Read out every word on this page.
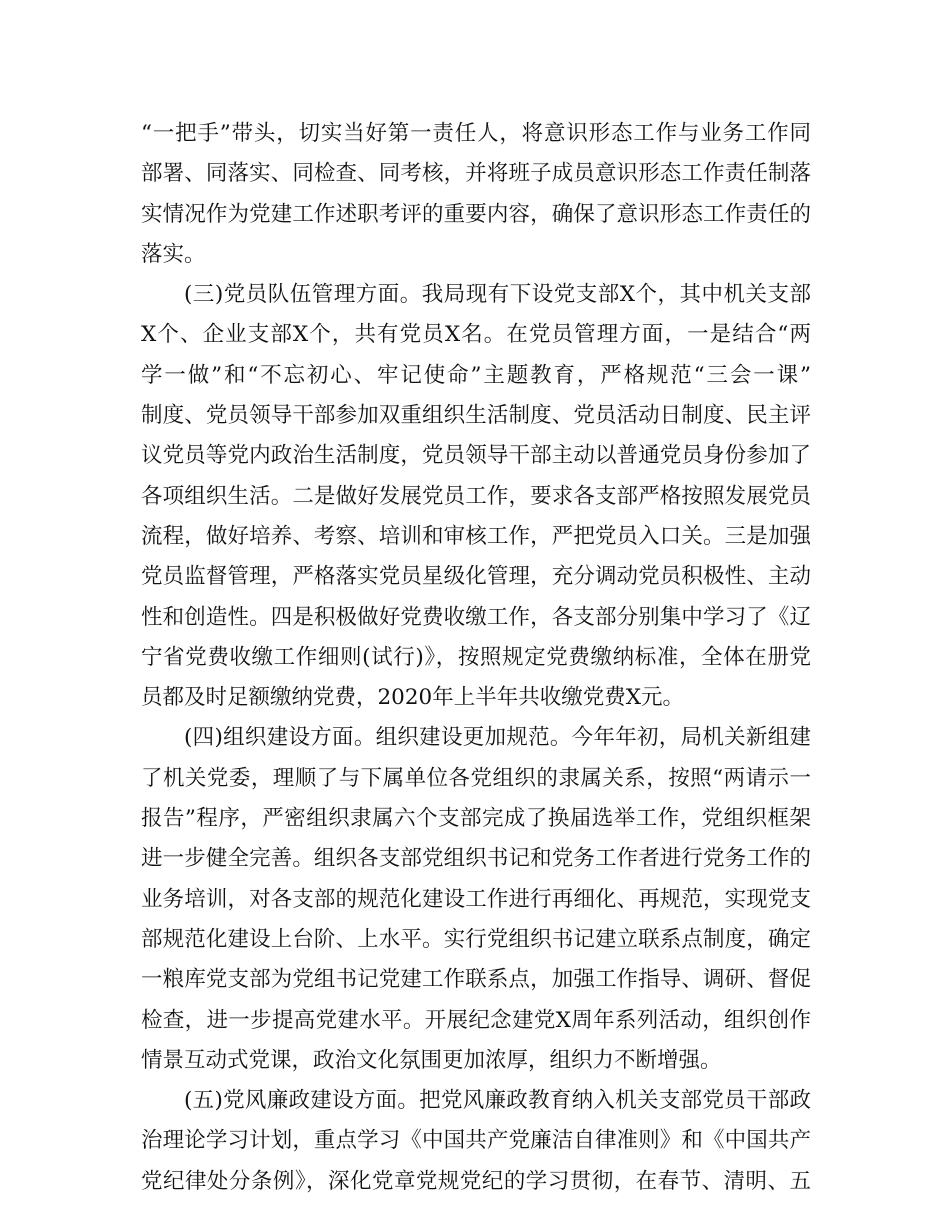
“一把手”带头，切实当好第一责任人，将意识形态工作与业务工作同
部署、同落实、同检查、同考核，并将班子成员意识形态工作责任制落
实情况作为党建工作述职考评的重要内容，确保了意识形态工作责任的
落实。
(三)党员队伍管理方面。我局现有下设党支部X个，其中机关支部
X个、企业支部X个，共有党员X名。在党员管理方面，一是结合“两
学一做”和“不忘初心、牢记使命”主题教育，严格规范“三会一课”
制度、党员领导干部参加双重组织生活制度、党员活动日制度、民主评
议党员等党内政治生活制度，党员领导干部主动以普通党员身份参加了
各项组织生活。二是做好发展党员工作，要求各支部严格按照发展党员
流程，做好培养、考察、培训和审核工作，严把党员入口关。三是加强
党员监督管理，严格落实党员星级化管理，充分调动党员积极性、主动
性和创造性。四是积极做好党费收缴工作，各支部分别集中学习了《辽
宁省党费收缴工作细则(试行)》，按照规定党费缴纳标准，全体在册党
员都及时足额缴纳党费，2020年上半年共收缴党费X元。
(四)组织建设方面。组织建设更加规范。今年年初，局机关新组建
了机关党委，理顺了与下属单位各党组织的隶属关系，按照“两请示一
报告”程序，严密组织隶属六个支部完成了换届选举工作，党组织框架
进一步健全完善。组织各支部党组织书记和党务工作者进行党务工作的
业务培训，对各支部的规范化建设工作进行再细化、再规范，实现党支
部规范化建设上台阶、上水平。实行党组织书记建立联系点制度，确定
一粮库党支部为党组书记党建工作联系点，加强工作指导、调研、督促
检查，进一步提高党建水平。开展纪念建党X周年系列活动，组织创作
情景互动式党课，政治文化氛围更加浓厚，组织力不断增强。
(五)党风廉政建设方面。把党风廉政教育纳入机关支部党员干部政
治理论学习计划，重点学习《中国共产党廉洁自律准则》和《中国共产
党纪律处分条例》，深化党章党规党纪的学习贯彻，在春节、清明、五
